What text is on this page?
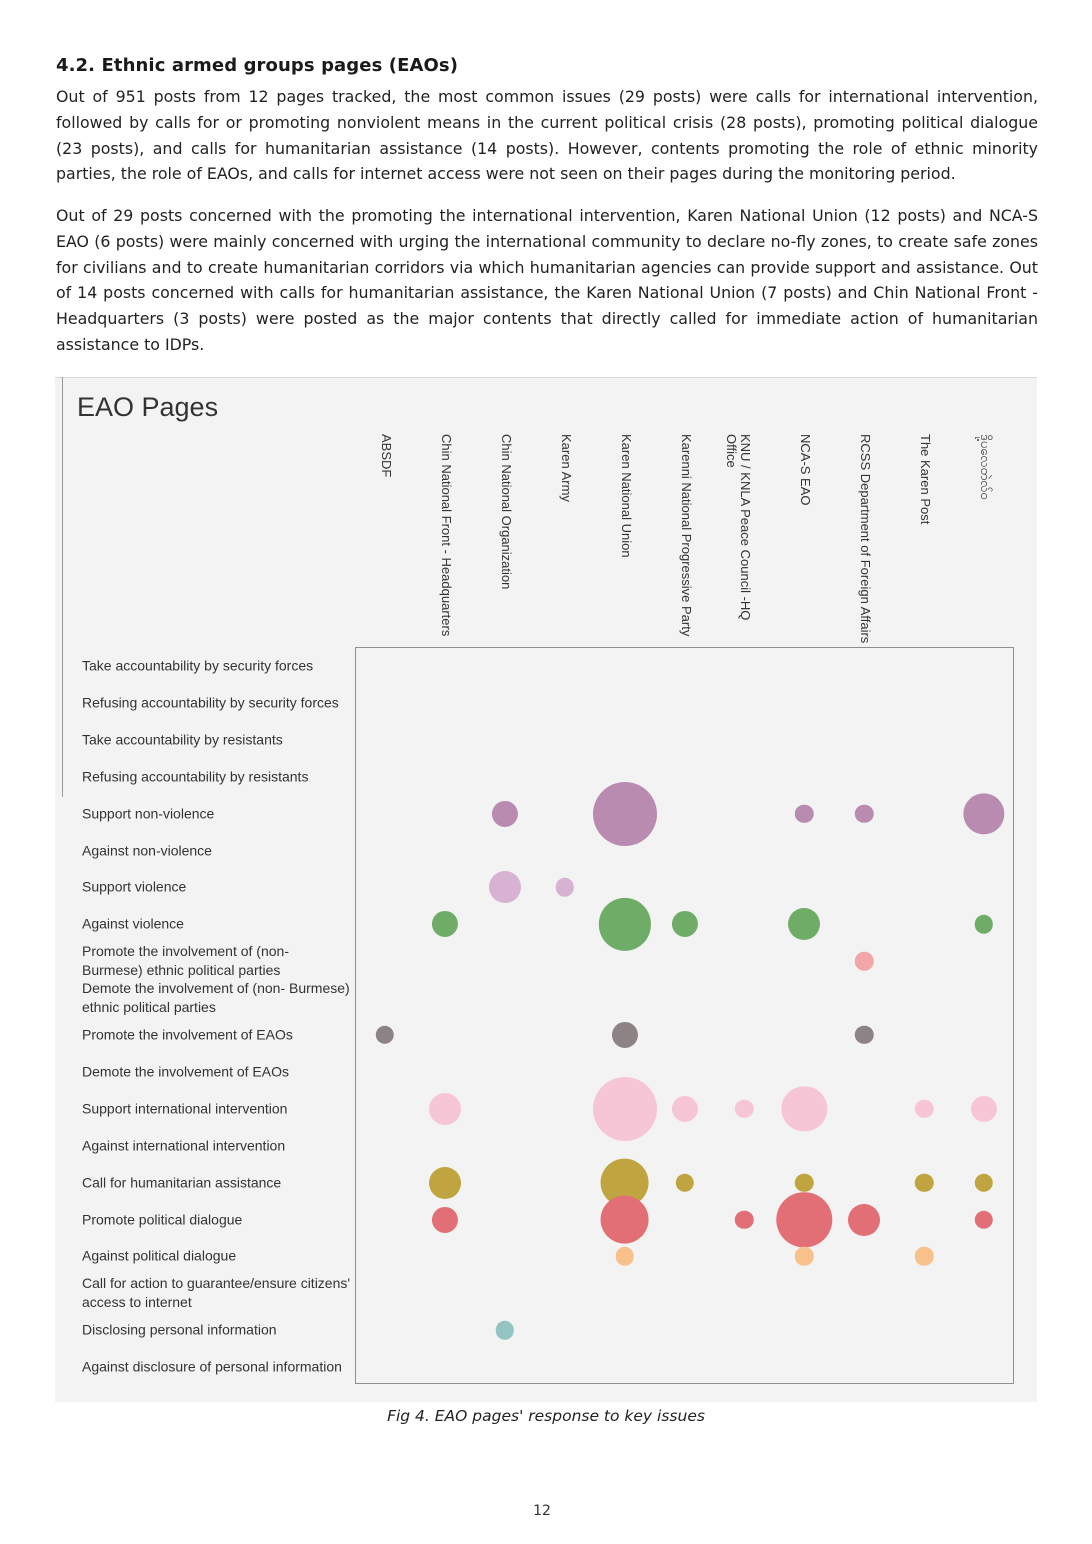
4.2. Ethnic armed groups pages (EAOs)

Out of 951 posts from 12 pages tracked, the most common issues (29 posts) were calls for international intervention, followed by calls for or promoting nonviolent means in the current political crisis (28 posts), promoting political dialogue (23 posts), and calls for humanitarian assistance (14 posts). However, contents promoting the role of ethnic minority parties, the role of EAOs, and calls for internet access were not seen on their pages during the monitoring period.

Out of 29 posts concerned with the promoting the international intervention, Karen National Union (12 posts) and NCA-S EAO (6 posts) were mainly concerned with urging the international community to declare no-fly zones, to create safe zones for civilians and to create humanitarian corridors via which humanitarian agencies can provide support and assistance. Out of 14 posts concerned with calls for humanitarian assistance, the Karen National Union (7 posts) and Chin National Front - Headquarters (3 posts) were posted as the major contents that directly called for immediate action of humanitarian assistance to IDPs.

EAO Pages
ABSDF	Chin National Front - Headquarters	Chin National Organization	Karen Army	Karen National Union	Karenni National Progressive Party	KNU / KNLA Peace Council -HQ Office	NCA-S EAO	RCSS Department of Foreign Affairs	The Karen Post	ဒို့ပလေတဲလ်ဝ
Take accountability by security forces
Refusing accountability by security forces
Take accountability by resistants
Refusing accountability by resistants
Support non-violence
Against non-violence
Support violence
Against violence
Promote the involvement of (non- Burmese) ethnic political parties
Demote the involvement of (non- Burmese) ethnic political parties
Promote the involvement of EAOs
Demote the involvement of EAOs
Support international intervention
Against international intervention
Call for humanitarian assistance
Promote political dialogue
Against political dialogue
Call for action to guarantee/ensure citizens' access to internet
Disclosing personal information
Against disclosure of personal information
Fig 4. EAO pages' response to key issues
12
